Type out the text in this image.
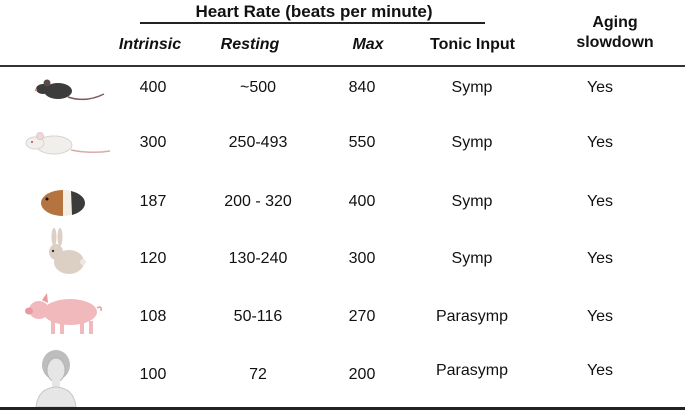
Heart Rate (beats per minute)
Intrinsic	Resting	Max	Tonic Input
Aging
slowdown
400	~500	840	Symp	Yes
300	250-493	550	Symp	Yes
187	200 - 320	400	Symp	Yes
120	130-240	300	Symp	Yes
108	50-116	270	Parasymp	Yes
100	72	200	Parasymp	Yes
